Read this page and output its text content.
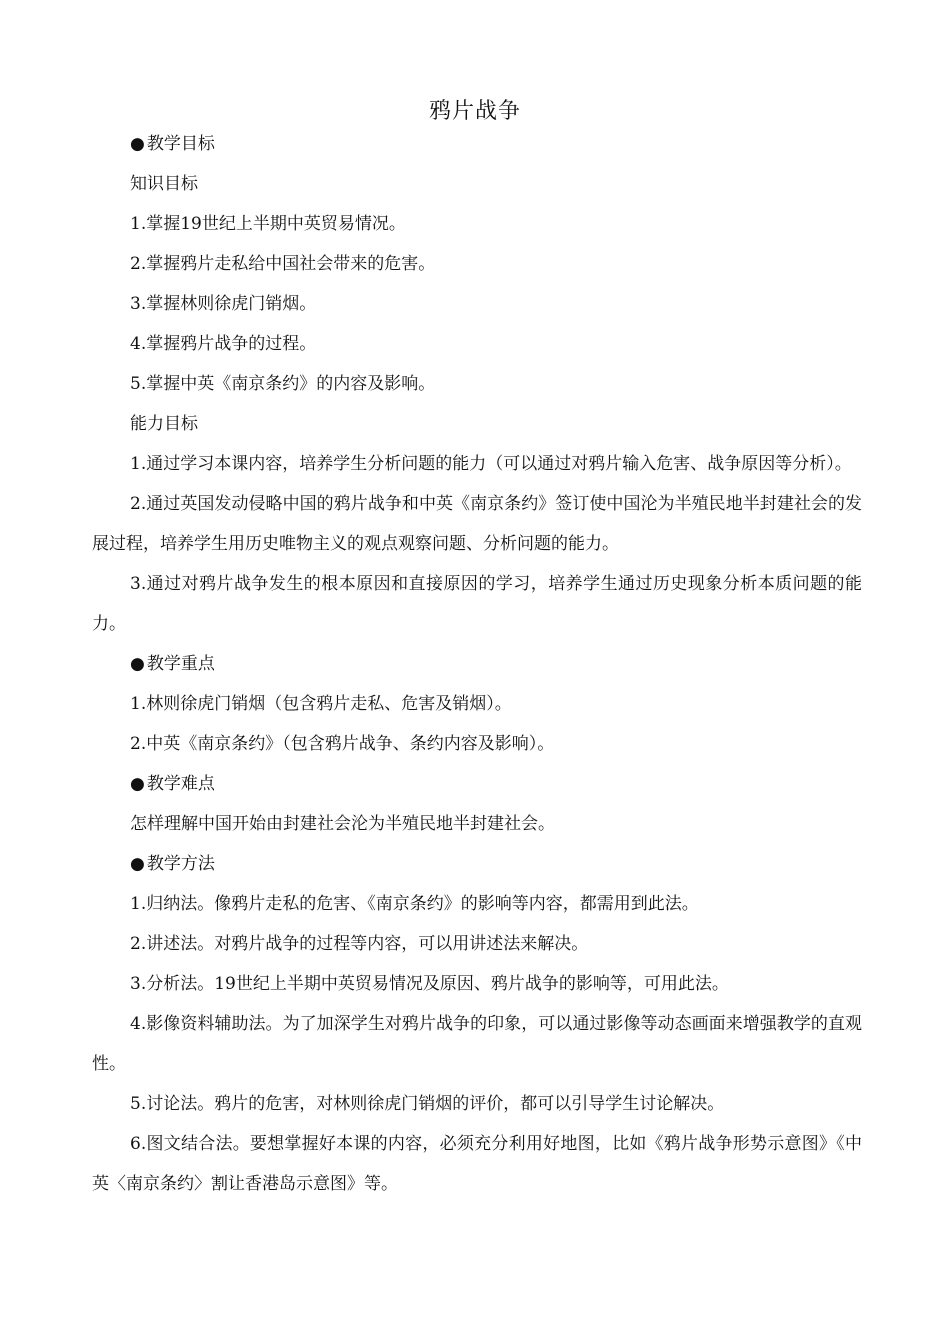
鸦片战争

● 教学目标

知识目标

1.掌握19世纪上半期中英贸易情况。

2.掌握鸦片走私给中国社会带来的危害。

3.掌握林则徐虎门销烟。

4.掌握鸦片战争的过程。

5.掌握中英《南京条约》的内容及影响。

能力目标

1.通过学习本课内容，培养学生分析问题的能力（可以通过对鸦片输入危害、战争原因等分析）。

2.通过英国发动侵略中国的鸦片战争和中英《南京条约》签订使中国沦为半殖民地半封建社会的发展过程，培养学生用历史唯物主义的观点观察问题、分析问题的能力。

3.通过对鸦片战争发生的根本原因和直接原因的学习，培养学生通过历史现象分析本质问题的能力。

● 教学重点

1.林则徐虎门销烟（包含鸦片走私、危害及销烟）。

2.中英《南京条约》（包含鸦片战争、条约内容及影响）。

● 教学难点

怎样理解中国开始由封建社会沦为半殖民地半封建社会。

● 教学方法

1.归纳法。像鸦片走私的危害、《南京条约》的影响等内容，都需用到此法。

2.讲述法。对鸦片战争的过程等内容，可以用讲述法来解决。

3.分析法。19世纪上半期中英贸易情况及原因、鸦片战争的影响等，可用此法。

4.影像资料辅助法。为了加深学生对鸦片战争的印象，可以通过影像等动态画面来增强教学的直观性。

5.讨论法。鸦片的危害，对林则徐虎门销烟的评价，都可以引导学生讨论解决。

6.图文结合法。要想掌握好本课的内容，必须充分利用好地图，比如《鸦片战争形势示意图》《中英〈南京条约〉割让香港岛示意图》等。
